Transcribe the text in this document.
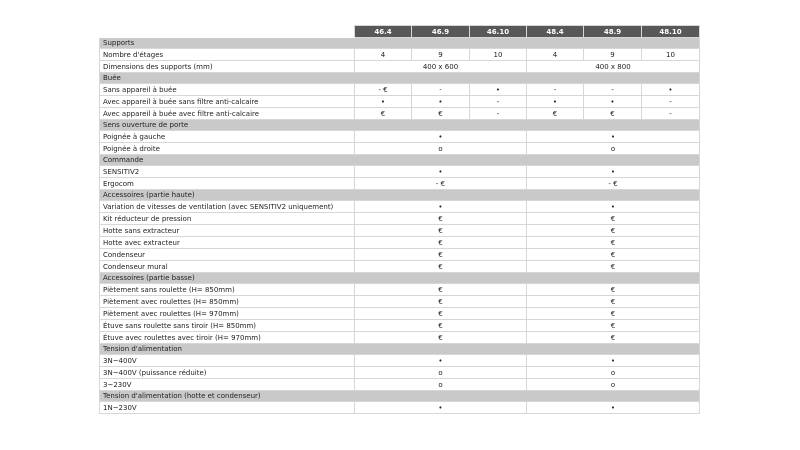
	46.4	46.9	46.10	48.4	48.9	48.10
Supports						
Nombre d'étages	4	9	10	4	9	10
Dimensions des supports (mm)	400 x 600			400 x 800		
Buée						
Sans appareil à buée	- €	-	•	-	-	•
Avec appareil à buée sans filtre anti-calcaire	•	•	-	•	•	-
Avec appareil à buée avec filtre anti-calcaire	€	€	-	€	€	-
Sens ouverture de porte						
Poignée à gauche	•			•		
Poignée à droite	o			o		
Commande						
SENSITIV2	•			•		
Ergocom	- €			- €		
Accessoires (partie haute)						
Variation de vitesses de ventilation (avec SENSITIV2 uniquement)	•			•		
Kit réducteur de pression	€			€		
Hotte sans extracteur	€			€		
Hotte avec extracteur	€			€		
Condenseur	€			€		
Condenseur mural	€			€		
Accessoires (partie basse)						
Piètement sans roulette (H= 850mm)	€			€		
Piètement avec roulettes (H= 850mm)	€			€		
Piètement avec roulettes (H= 970mm)	€			€		
Étuve sans roulette sans tiroir (H= 850mm)	€			€		
Étuve avec roulettes avec tiroir (H= 970mm)	€			€		
Tension d'alimentation						
3N~400V	•			•		
3N~400V (puissance réduite)	o			o		
3~230V	o			o		
Tension d'alimentation (hotte et condenseur)						
1N~230V	•			•		
